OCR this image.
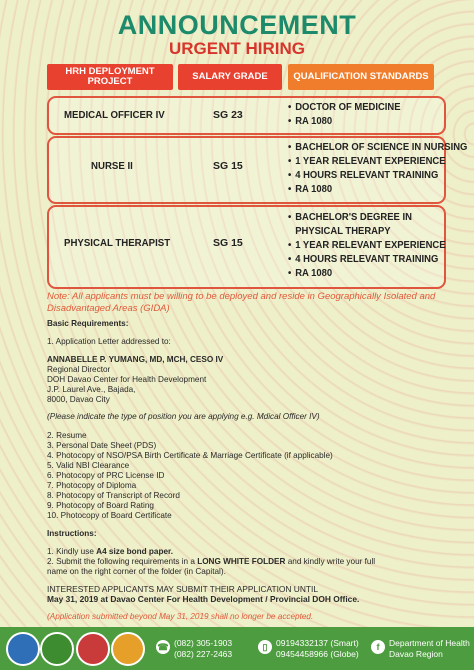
ANNOUNCEMENT
URGENT HIRING
HRH DEPLOYMENT PROJECT	SALARY GRADE	QUALIFICATION STANDARDS
MEDICAL OFFICER IV	SG 23
• DOCTOR OF MEDICINE
• RA 1080
NURSE II	SG 15
• BACHELOR OF SCIENCE IN NURSING
• 1 YEAR RELEVANT EXPERIENCE
• 4 HOURS RELEVANT TRAINING
• RA 1080
PHYSICAL THERAPIST	SG 15
• BACHELOR'S DEGREE IN
PHYSICAL THERAPY
• 1 YEAR RELEVANT EXPERIENCE
• 4 HOURS RELEVANT TRAINING
• RA 1080
Note: All applicants must be willing to be deployed and reside in Geographically Isolated and Disadvantaged Areas (GIDA)
Basic Requirements:
1. Application Letter addressed to:
ANNABELLE P. YUMANG, MD, MCH, CESO IV
Regional Director
DOH Davao Center for Health Development
J.P. Laurel Ave., Bajada,
8000, Davao City
(Please indicate the type of position you are applying e.g. Mdical Officer IV)
2. Resume
3. Personal Date Sheet (PDS)
4. Photocopy of NSO/PSA Birth Certificate & Marriage Certificate (if applicable)
5. Valid NBI Clearance
6. Photocopy of PRC License ID
7. Photocopy of Diploma
8. Photocopy of Transcript of Record
9. Photocopy of Board Rating
10. Photocopy of Board Certificate
Instructions:
1. Kindly use A4 size bond paper.
2. Submit the following requirements in a LONG WHITE FOLDER and kindly write your full
name on the right corner of the folder (in Capital).
INTERESTED APPLICANTS MAY SUBMIT THEIR APPLICATION UNTIL
May 31, 2019 at Davao Center For Health Development / Provincial DOH Office.
(Application submitted beyond May 31, 2019 shall no longer be accepted.
☎ (082) 305-1903
(082) 227-2463
▯	09194332137 (Smart)
09454458966 (Globe)
f	Department of Health
Davao Region
